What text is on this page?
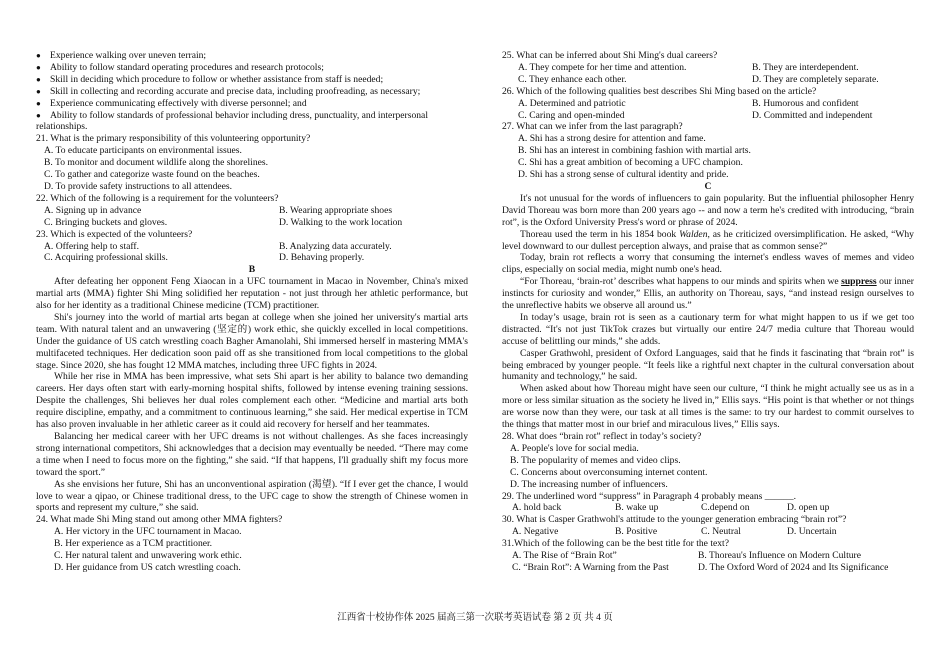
● Experience walking over uneven terrain;
● Ability to follow standard operating procedures and research protocols;
● Skill in deciding which procedure to follow or whether assistance from staff is needed;
● Skill in collecting and recording accurate and precise data, including proofreading, as necessary;
● Experience communicating effectively with diverse personnel; and
● Ability to follow standards of professional behavior including dress, punctuality, and interpersonal

relationships.

21. What is the primary responsibility of this volunteering opportunity?

A. To educate participants on environmental issues.

B. To monitor and document wildlife along the shorelines.

C. To gather and categorize waste found on the beaches.

D. To provide safety instructions to all attendees.

22. Which of the following is a requirement for the volunteers?

A. Signing up in advance	B. Wearing appropriate shoes
C. Bringing buckets and gloves.	D. Walking to the work location

23. Which is expected of the volunteers?

A. Offering help to staff.	B. Analyzing data accurately.
C. Acquiring professional skills.	D. Behaving properly.

B

After defeating her opponent Feng Xiaocan in a UFC tournament in Macao in November, China's mixed martial arts (MMA) fighter Shi Ming solidified her reputation - not just through her athletic performance, but also for her identity as a traditional Chinese medicine (TCM) practitioner.

Shi's journey into the world of martial arts began at college when she joined her university's martial arts team. With natural talent and an unwavering (坚定的) work ethic, she quickly excelled in local competitions. Under the guidance of US catch wrestling coach Bagher Amanolahi, Shi immersed herself in mastering MMA's multifaceted techniques. Her dedication soon paid off as she transitioned from local competitions to the global stage. Since 2020, she has fought 12 MMA matches, including three UFC fights in 2024.

While her rise in MMA has been impressive, what sets Shi apart is her ability to balance two demanding careers. Her days often start with early-morning hospital shifts, followed by intense evening training sessions. Despite the challenges, Shi believes her dual roles complement each other. “Medicine and martial arts both require discipline, empathy, and a commitment to continuous learning,” she said. Her medical expertise in TCM has also proven invaluable in her athletic career as it could aid recovery for herself and her teammates.

Balancing her medical career with her UFC dreams is not without challenges. As she faces increasingly strong international competitors, Shi acknowledges that a decision may eventually be needed. “There may come a time when I need to focus more on the fighting,” she said. “If that happens, I'll gradually shift my focus more toward the sport.”

As she envisions her future, Shi has an unconventional aspiration (渴望). “If I ever get the chance, I would love to wear a qipao, or Chinese traditional dress, to the UFC cage to show the strength of Chinese women in sports and represent my culture,” she said.

24. What made Shi Ming stand out among other MMA fighters?

A. Her victory in the UFC tournament in Macao.

B. Her experience as a TCM practitioner.

C. Her natural talent and unwavering work ethic.

D. Her guidance from US catch wrestling coach.

25. What can be inferred about Shi Ming's dual careers?

A. They compete for her time and attention.	B. They are interdependent.
C. They enhance each other.	D. They are completely separate.

26. Which of the following qualities best describes Shi Ming based on the article?

A. Determined and patriotic	B. Humorous and confident
C. Caring and open-minded	D. Committed and independent

27. What can we infer from the last paragraph?

A. Shi has a strong desire for attention and fame.

B. Shi has an interest in combining fashion with martial arts.

C. Shi has a great ambition of becoming a UFC champion.

D. Shi has a strong sense of cultural identity and pride.

C

It's not unusual for the words of influencers to gain popularity. But the influential philosopher Henry David Thoreau was born more than 200 years ago -- and now a term he's credited with introducing, “brain rot”, is the Oxford University Press's word or phrase of 2024.

Thoreau used the term in his 1854 book Walden, as he criticized oversimplification. He asked, “Why level downward to our dullest perception always, and praise that as common sense?”

Today, brain rot reflects a worry that consuming the internet's endless waves of memes and video clips, especially on social media, might numb one's head.

“For Thoreau, ‘brain-rot’ describes what happens to our minds and spirits when we suppress our inner instincts for curiosity and wonder,” Ellis, an authority on Thoreau, says, “and instead resign ourselves to the unreflective habits we observe all around us.”

In today’s usage, brain rot is seen as a cautionary term for what might happen to us if we get too distracted. “It's not just TikTok crazes but virtually our entire 24/7 media culture that Thoreau would accuse of belittling our minds,” she adds.

Casper Grathwohl, president of Oxford Languages, said that he finds it fascinating that “brain rot” is being embraced by younger people. “It feels like a rightful next chapter in the cultural conversation about humanity and technology,” he said.

When asked about how Thoreau might have seen our culture, “I think he might actually see us as in a more or less similar situation as the society he lived in,” Ellis says. “His point is that whether or not things are worse now than they were, our task at all times is the same: to try our hardest to commit ourselves to the things that matter most in our brief and miraculous lives,” Ellis says.

28. What does “brain rot” reflect in today’s society?

A. People's love for social media.

B. The popularity of memes and video clips.

C. Concerns about overconsuming internet content.

D. The increasing number of influencers.

29. The underlined word “suppress” in Paragraph 4 probably means ______.

A. hold back	B. wake up	C.depend on	D. open up

30. What is Casper Grathwohl's attitude to the younger generation embracing “brain rot”?

A. Negative	B. Positive	C. Neutral	D. Uncertain

31.Which of the following can be the best title for the text?

A. The Rise of “Brain Rot”	B. Thoreau's Influence on Modern Culture
C. “Brain Rot”: A Warning from the Past	D. The Oxford Word of 2024 and Its Significance
江西省十校协作体 2025 届高三第一次联考英语试卷 第 2 页 共 4 页
